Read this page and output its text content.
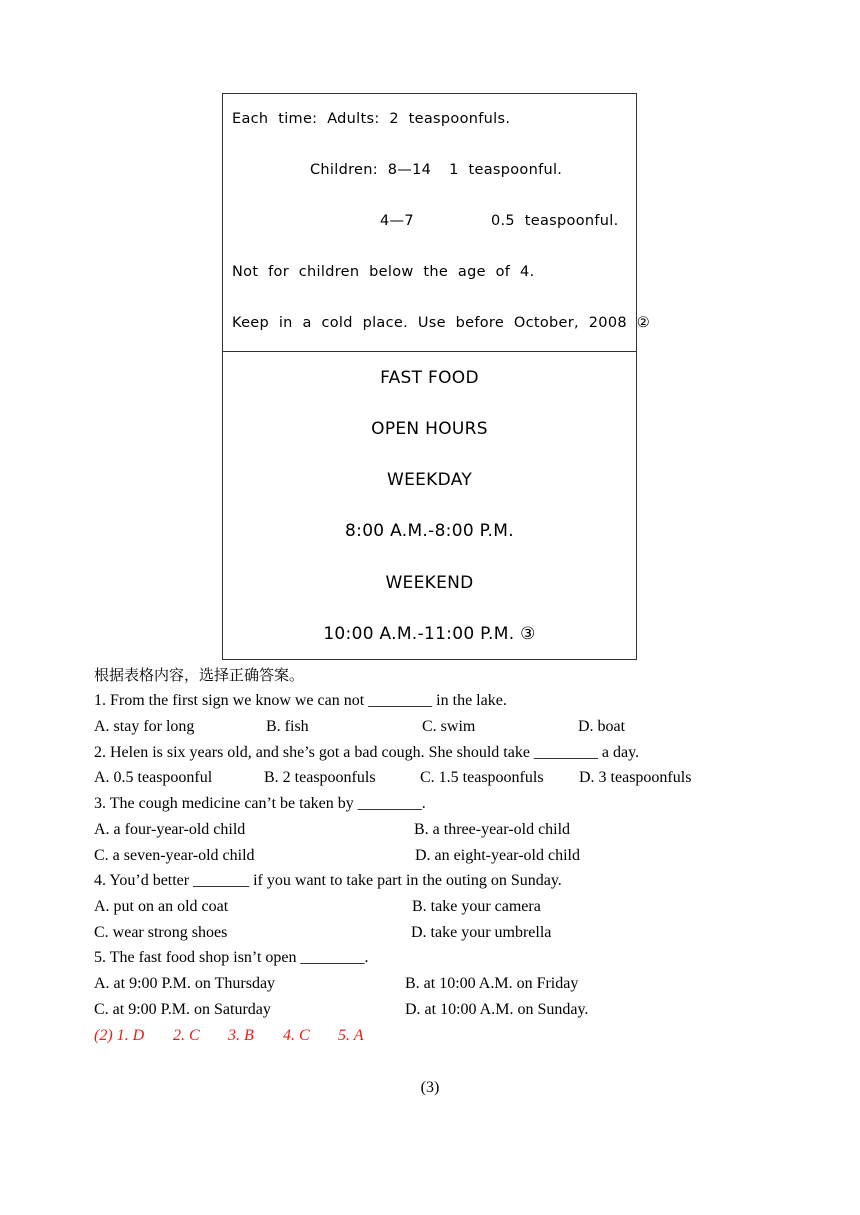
Each  time:  Adults:  2  teaspoonfuls.
Children:  8—14 1  teaspoonful.
4—7	0.5  teaspoonful.
Not  for  children  below  the  age  of  4.
Keep  in  a  cold  place.  Use  before  October,  2008  ②
FAST FOOD
OPEN HOURS
WEEKDAY
8:00 A.M.-8:00 P.M.
WEEKEND
10:00 A.M.-11:00 P.M. ③
根据表格内容，选择正确答案。
1. From the first sign we know we can not ________ in the lake.
A. stay for long	B. fish	C. swim	D. boat
2. Helen is six years old, and she’s got a bad cough. She should take ________ a day.
A. 0.5 teaspoonful	B. 2 teaspoonfuls	C. 1.5 teaspoonfuls D. 3 teaspoonfuls
3. The cough medicine can’t be taken by ________.
A. a four-year-old child	B. a three-year-old child
C. a seven-year-old child	D. an eight-year-old child
4. You’d better _______ if you want to take part in the outing on Sunday.
A. put on an old coat	B. take your camera
C. wear strong shoes	D. take your umbrella
5. The fast food shop isn’t open ________.
A. at 9:00 P.M. on Thursday	B. at 10:00 A.M. on Friday
C. at 9:00 P.M. on Saturday	D. at 10:00 A.M. on Sunday.
(2) 1. D 2. C 3. B 4. C 5. A
(3)
